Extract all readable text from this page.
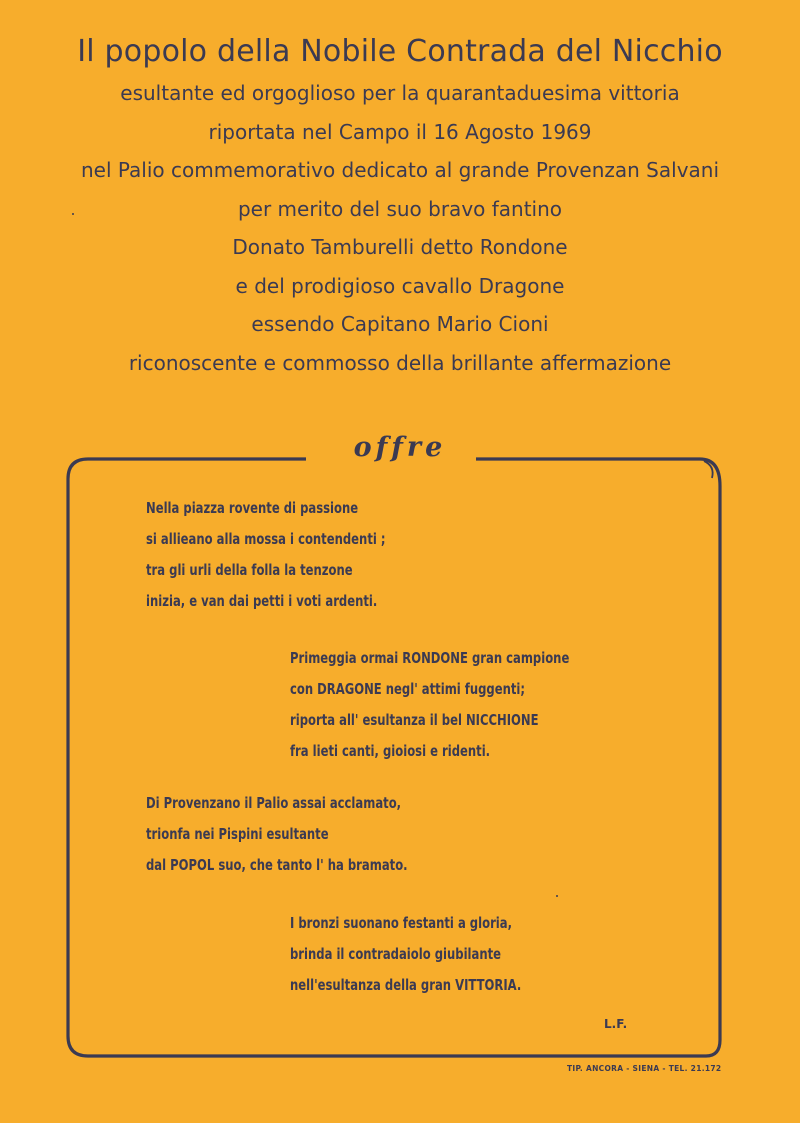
Il popolo della Nobile Contrada del Nicchio
esultante ed orgoglioso per la quarantaduesima vittoria
riportata nel Campo il 16 Agosto 1969
nel Palio commemorativo dedicato al grande Provenzan Salvani
per merito del suo bravo fantino
Donato Tamburelli detto Rondone
e del prodigioso cavallo Dragone
essendo Capitano Mario Cioni
riconoscente e commosso della brillante affermazione
offre
Nella piazza rovente di passione
si allieano alla mossa i contendenti ;
tra gli urli della folla la tenzone
inizia, e van dai petti i voti ardenti.
Primeggia ormai RONDONE gran campione
con DRAGONE negl' attimi fuggenti;
riporta all' esultanza il bel NICCHIONE
fra lieti canti, gioiosi e ridenti.
Di Provenzano il Palio assai acclamato,
trionfa nei Pispini esultante
dal POPOL suo, che tanto l' ha bramato.
I bronzi suonano festanti a gloria,
brinda il contradaiolo giubilante
nell'esultanza della gran VITTORIA.
L.F.
TIP. ANCORA - SIENA - TEL. 21.172
